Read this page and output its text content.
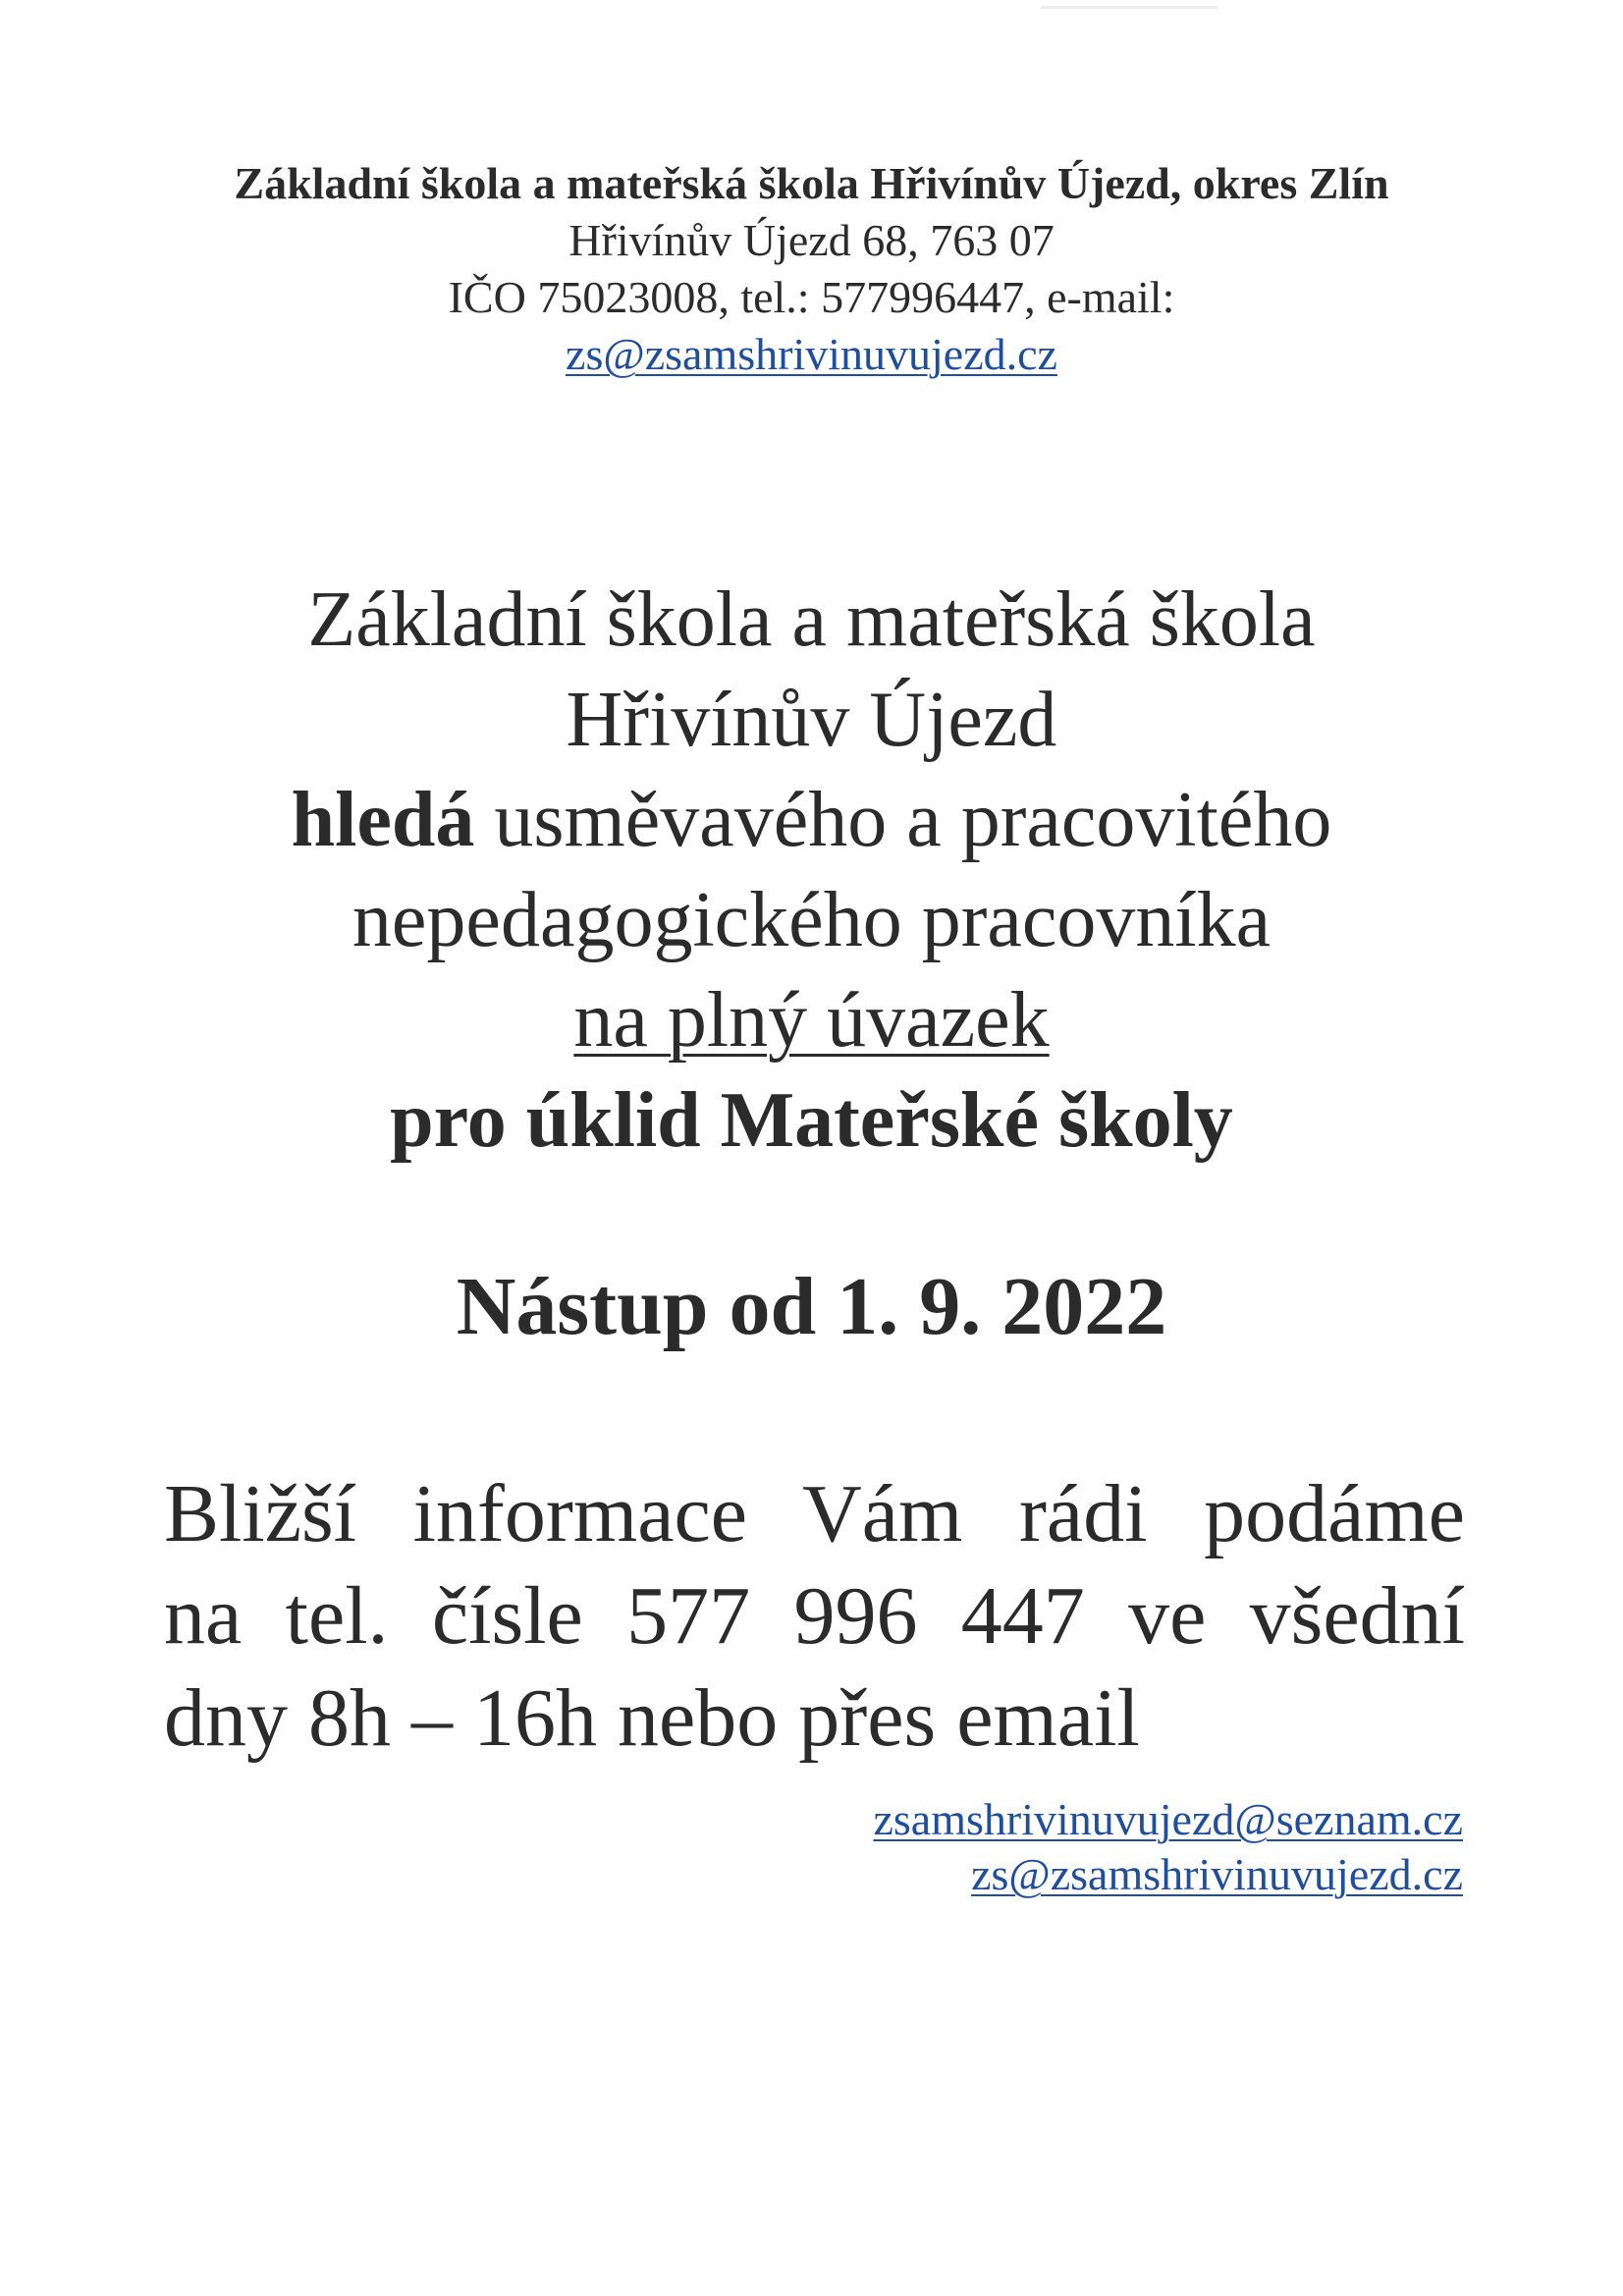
Základní škola a mateřská škola Hřivínův Újezd, okres Zlín
Hřivínův Újezd 68, 763 07
IČO 75023008, tel.: 577996447, e-mail:
zs@zsamshrivinuvujezd.cz
Základní škola a mateřská škola
Hřivínův Újezd
hledá usměvavého a pracovitého
nepedagogického pracovníka
na plný úvazek
pro úklid Mateřské školy
Nástup od 1. 9. 2022
Bližší informace Vám rádi podáme
na tel. čísle 577 996 447 ve všední
dny 8h – 16h nebo přes email
zsamshrivinuvujezd@seznam.cz
zs@zsamshrivinuvujezd.cz
